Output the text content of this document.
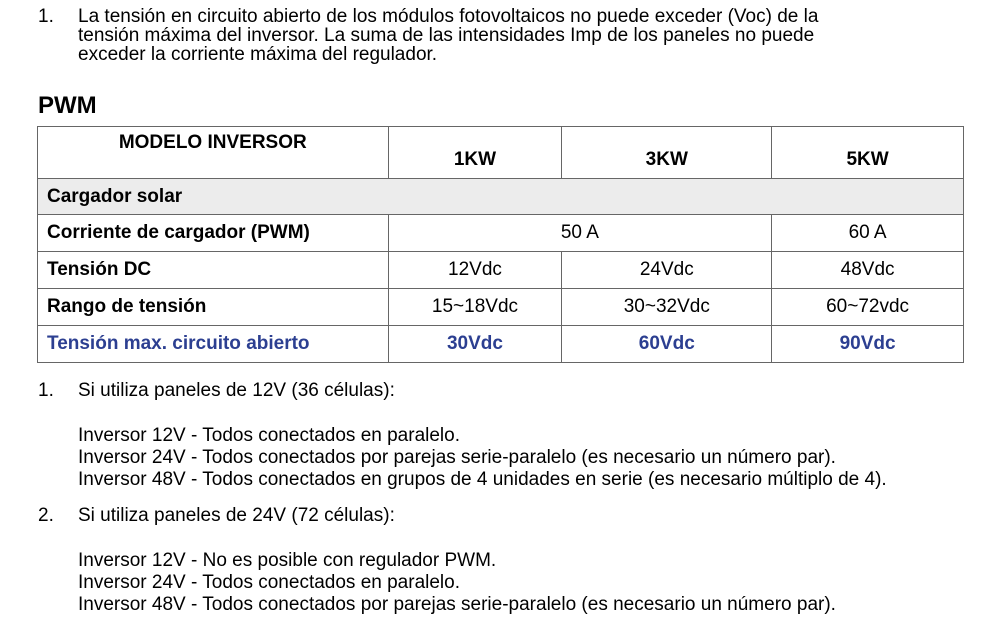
1.	La tensión en circuito abierto de los módulos fotovoltaicos no puede exceder (Voc) de la
tensión máxima del inversor. La suma de las intensidades Imp de los paneles no puede
exceder la corriente máxima del regulador.
PWM
MODELO INVERSOR	1KW	3KW	5KW
Cargador solar			
Corriente de cargador (PWM)	50 A		60 A
Tensión DC	12Vdc	24Vdc	48Vdc
Rango de tensión	15~18Vdc	30~32Vdc	60~72vdc
Tensión max. circuito abierto	30Vdc	60Vdc	90Vdc
1.	Si utiliza paneles de 12V (36 células):
Inversor 12V - Todos conectados en paralelo.
Inversor 24V - Todos conectados por parejas serie-paralelo (es necesario un número par).
Inversor 48V - Todos conectados en grupos de 4 unidades en serie (es necesario múltiplo de 4).
2.	Si utiliza paneles de 24V (72 células):
Inversor 12V - No es posible con regulador PWM.
Inversor 24V - Todos conectados en paralelo.
Inversor 48V - Todos conectados por parejas serie-paralelo (es necesario un número par).
